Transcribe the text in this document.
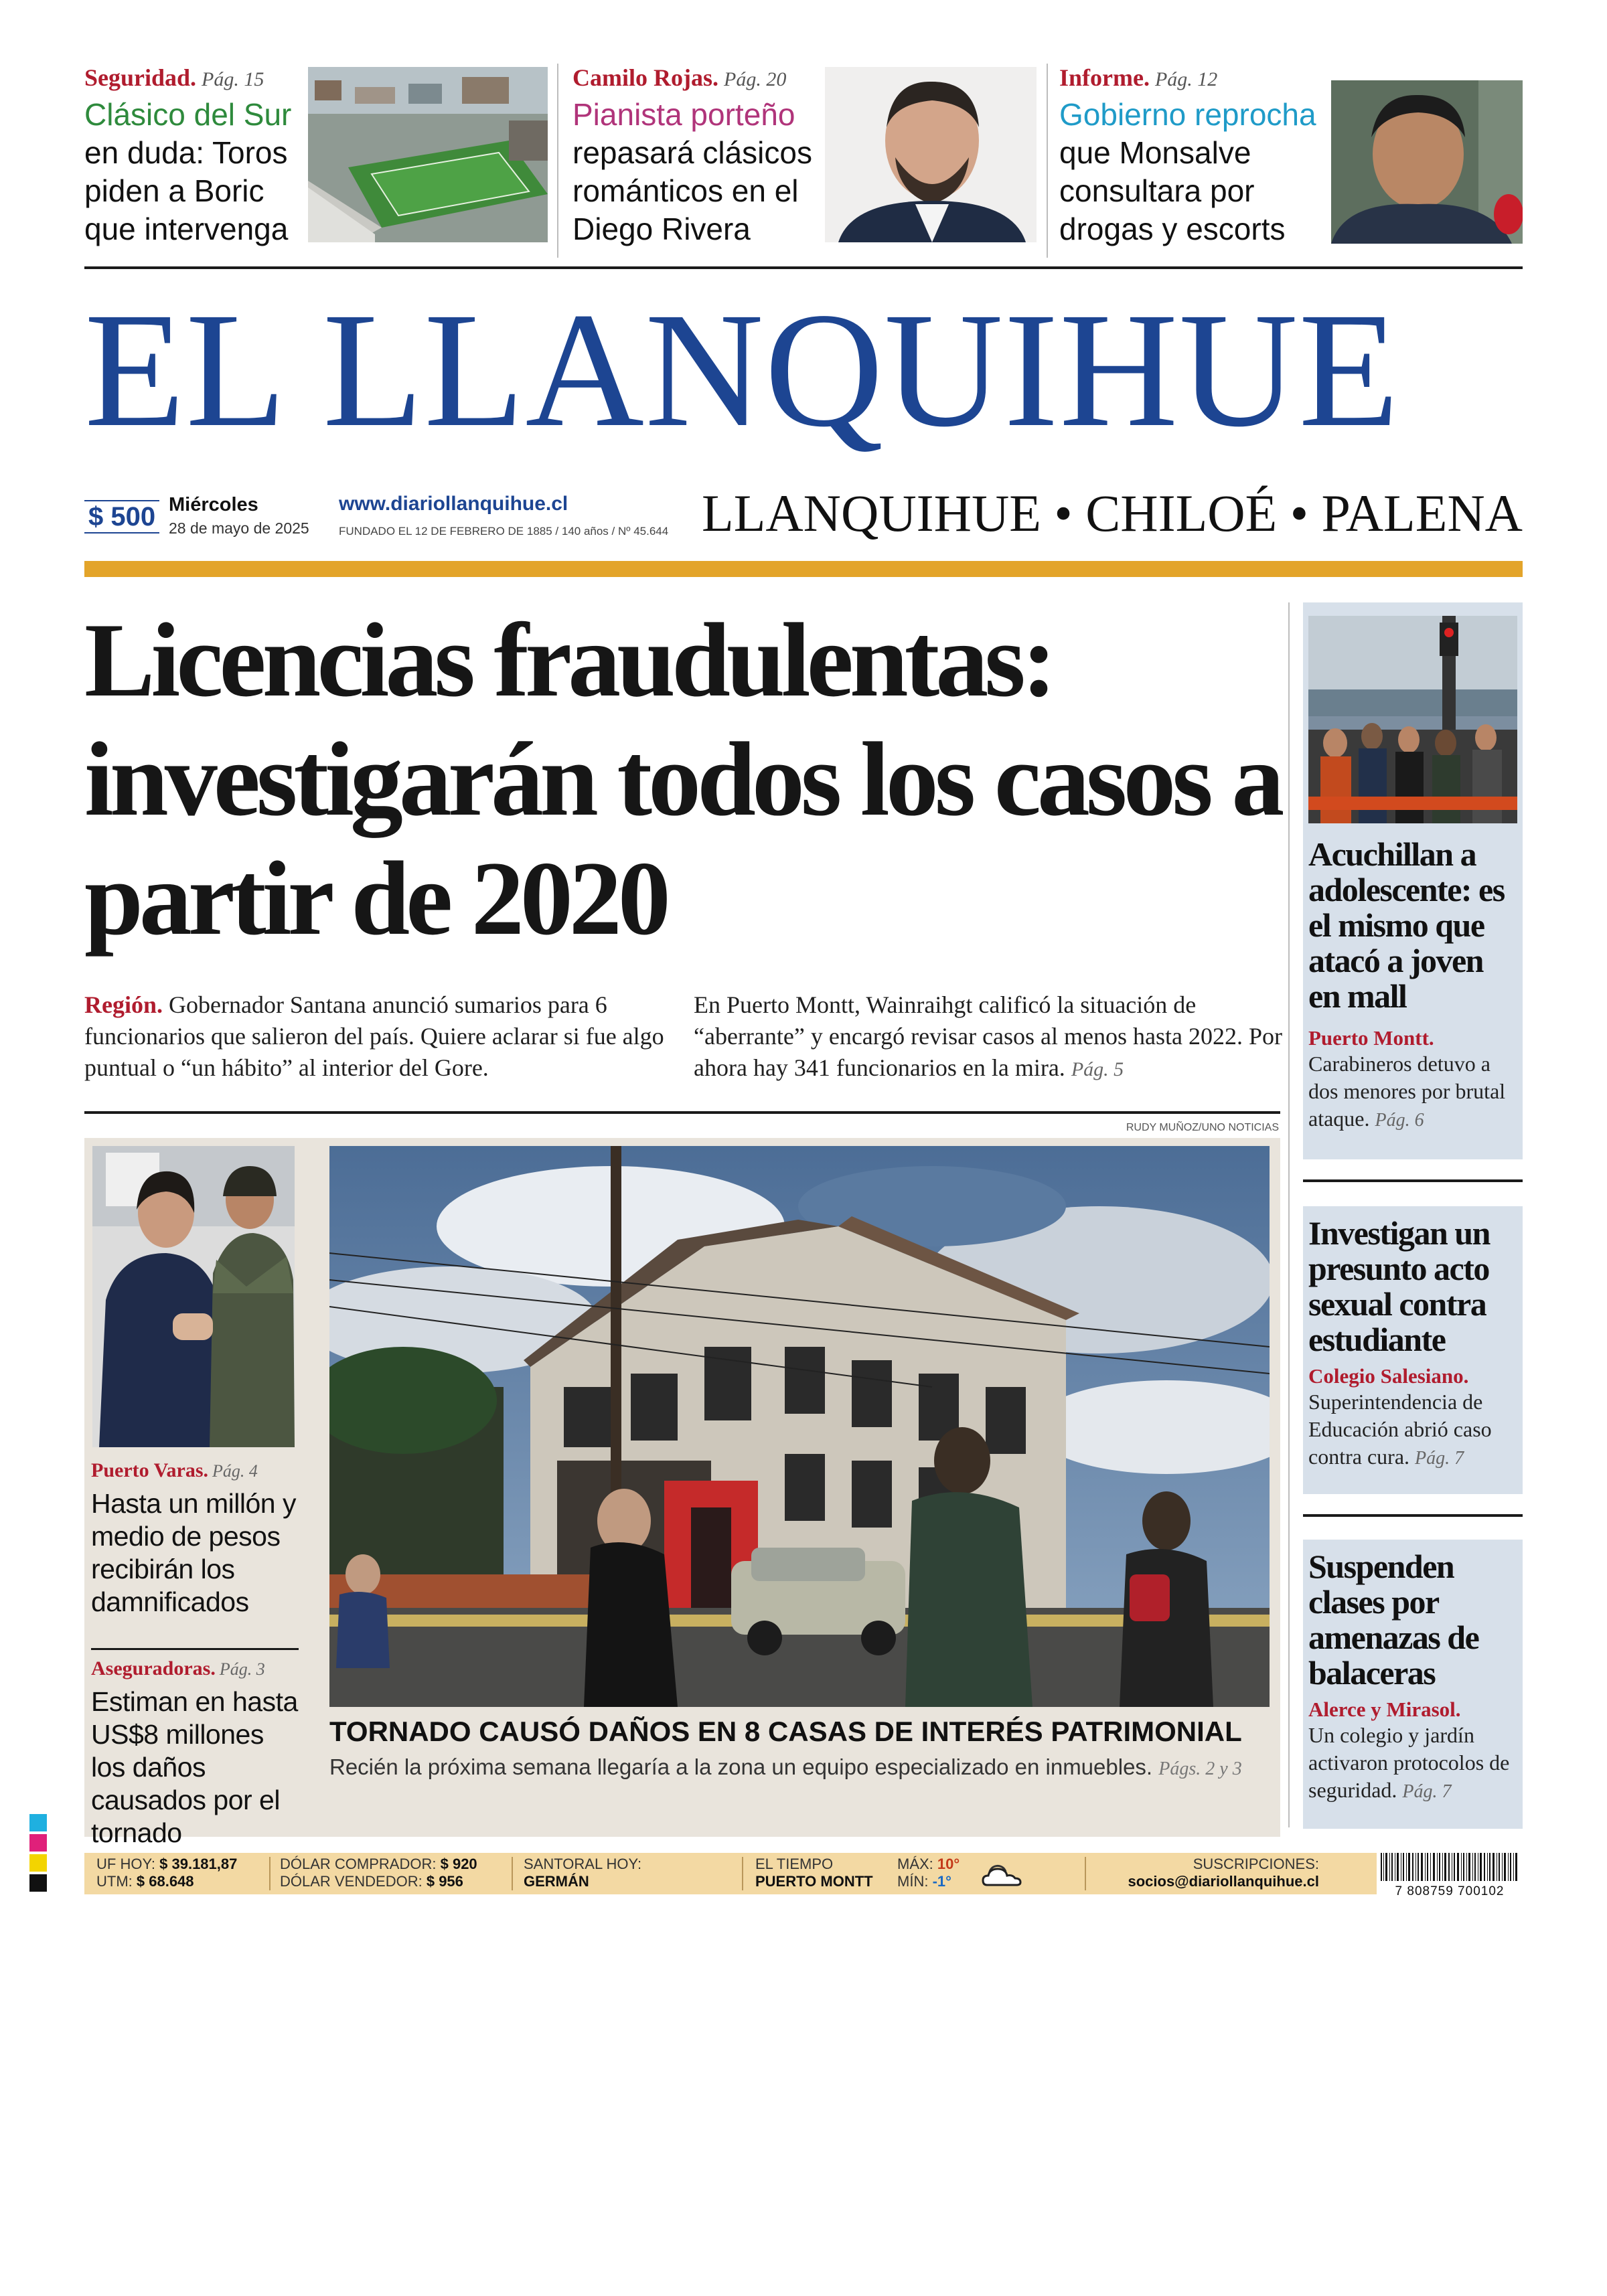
Seguridad. Pág. 15
Clásico del Sur en duda: Toros piden a Boric que intervenga
Camilo Rojas. Pág. 20
Pianista porteño repasará clásicos románticos en el Diego Rivera
Informe. Pág. 12
Gobierno reprocha que Monsalve consultara por drogas y escorts
EL LLANQUIHUE
$ 500 Miércoles
28 de mayo de 2025
www.diariollanquihue.cl
FUNDADO EL 12 DE FEBRERO DE 1885 / 140 años / Nº 45.644 LLANQUIHUE • CHILOÉ • PALENA
Licencias fraudulentas: investigarán todos los casos a partir de 2020
Región. Gobernador Santana anunció sumarios para 6 funcionarios que salieron del país. Quiere aclarar si fue algo puntual o “un hábito” al interior del Gore.
En Puerto Montt, Wainraihgt calificó la situación de “aberrante” y encargó revisar casos al menos hasta 2022. Por ahora hay 341 funcionarios en la mira. Pág. 5
RUDY MUÑOZ/UNO NOTICIAS
Puerto Varas. Pág. 4
Hasta un millón y medio de pesos recibirán los damnificados
Aseguradoras. Pág. 3
Estiman en hasta US$8 millones los daños causados por el tornado
TORNADO CAUSÓ DAÑOS EN 8 CASAS DE INTERÉS PATRIMONIAL
Recién la próxima semana llegaría a la zona un equipo especializado en inmuebles. Págs. 2 y 3
Acuchillan a adolescente: es el mismo que atacó a joven en mall
Puerto Montt.
Carabineros detuvo a dos menores por brutal ataque. Pág. 6
Investigan un presunto acto sexual contra estudiante
Colegio Salesiano.
Superintendencia de Educación abrió caso contra cura. Pág. 7
Suspenden clases por amenazas de balaceras
Alerce y Mirasol.
Un colegio y jardín activaron protocolos de seguridad. Pág. 7
UF HOY: $ 39.181,87
UTM: $ 68.648
DÓLAR COMPRADOR: $ 920
DÓLAR VENDEDOR: $ 956
SANTORAL HOY:
GERMÁN
EL TIEMPO
PUERTO MONTT
MÁX: 10°
MÍN: -1°
SUSCRIPCIONES:
socios@diariollanquihue.cl
7 808759 700102
